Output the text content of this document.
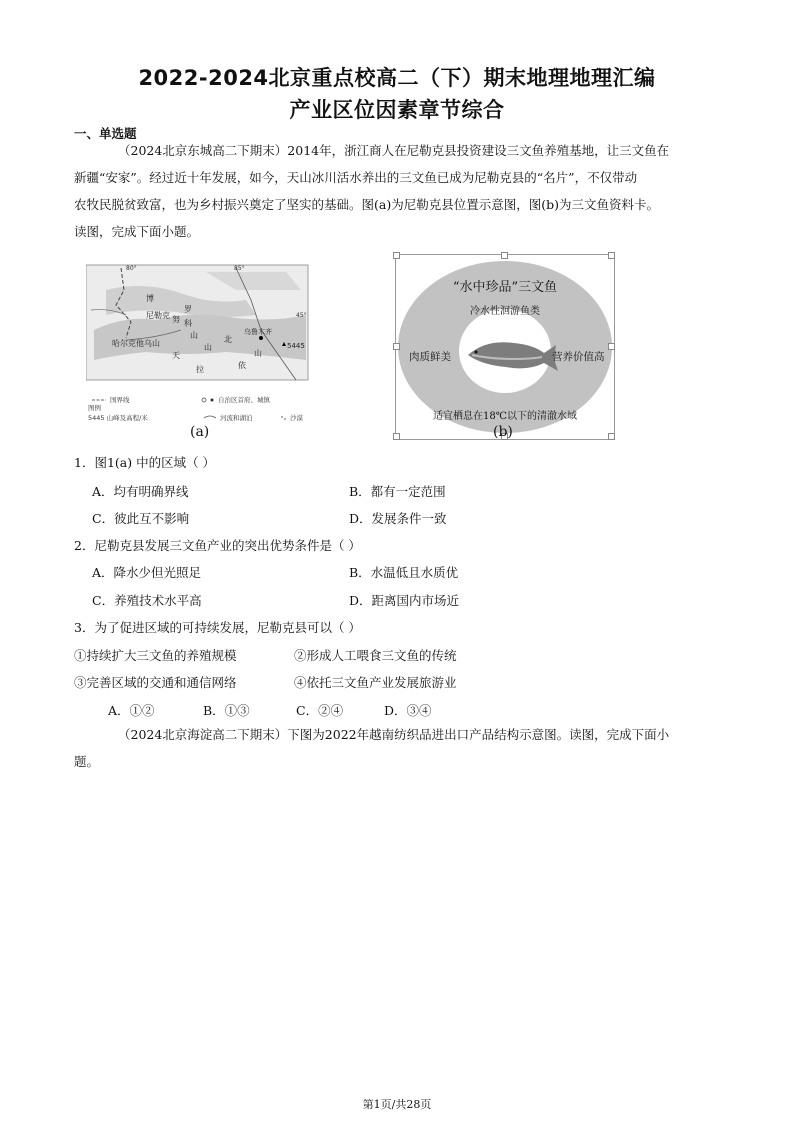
2022-2024北京重点校高二（下）期末地理地理汇编
产业区位因素章节综合
一、单选题
（2024北京东城高二下期末）2014年，浙江商人在尼勒克县投资建设三文鱼养殖基地，让三文鱼在
新疆“安家”。经过近十年发展，如今，天山冰川活水养出的三文鱼已成为尼勒克县的“名片”，不仅带动
农牧民脱贫致富，也为乡村振兴奠定了坚实的基础。图(a)为尼勒克县位置示意图，图(b)为三文鱼资料卡。
读图，完成下面小题。
80°	85°
45°
博
尼勒克
罗
科
努
山
哈尔克他乌山	山
天
拉
北
山
依
乌鲁木齐
5445
图例
国界线	自治区首府、城镇
5445 山峰及高程/米	河流和湖泊	沙漠
(a)
“水中珍品”三文鱼
冷水性洄游鱼类
肉质鲜美	营养价值高
适宜栖息在18℃以下的清澈水域
(b)
1．图1(a) 中的区域（ ）
A．均有明确界线	B．都有一定范围
C．彼此互不影响	D．发展条件一致
2．尼勒克县发展三文鱼产业的突出优势条件是（ ）
A．降水少但光照足	B．水温低且水质优
C．养殖技术水平高	D．距离国内市场近
3．为了促进区域的可持续发展，尼勒克县可以（ ）
①持续扩大三文鱼的养殖规模	②形成人工喂食三文鱼的传统
③完善区域的交通和通信网络	④依托三文鱼产业发展旅游业
A．①②	B．①③	C．②④	D．③④
（2024北京海淀高二下期末）下图为2022年越南纺织品进出口产品结构示意图。读图，完成下面小
题。
第1页/共28页
